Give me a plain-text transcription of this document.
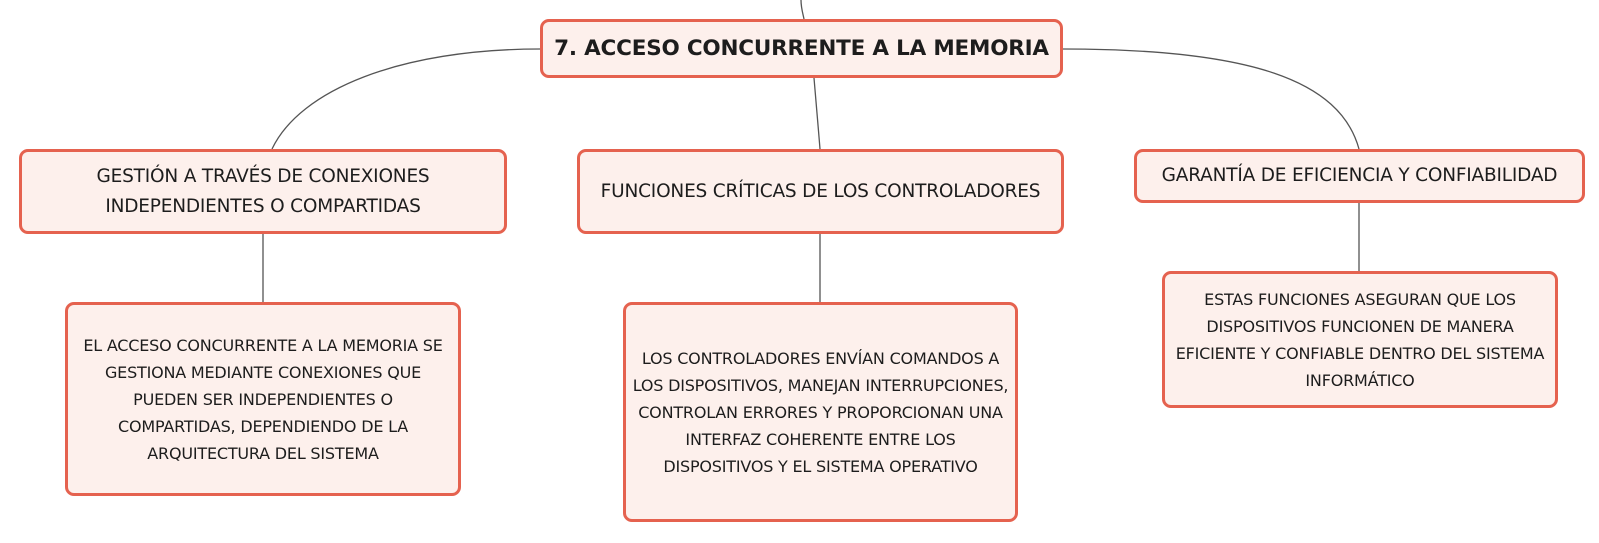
7. ACCESO CONCURRENTE A LA MEMORIA
GESTIÓN A TRAVÉS DE CONEXIONES INDEPENDIENTES O COMPARTIDAS
FUNCIONES CRÍTICAS DE LOS CONTROLADORES
GARANTÍA DE EFICIENCIA Y CONFIABILIDAD
EL ACCESO CONCURRENTE A LA MEMORIA SE GESTIONA MEDIANTE CONEXIONES QUE PUEDEN SER INDEPENDIENTES O COMPARTIDAS, DEPENDIENDO DE LA ARQUITECTURA DEL SISTEMA
LOS CONTROLADORES ENVÍAN COMANDOS A LOS DISPOSITIVOS, MANEJAN INTERRUPCIONES, CONTROLAN ERRORES Y PROPORCIONAN UNA INTERFAZ COHERENTE ENTRE LOS DISPOSITIVOS Y EL SISTEMA OPERATIVO
ESTAS FUNCIONES ASEGURAN QUE LOS DISPOSITIVOS FUNCIONEN DE MANERA EFICIENTE Y CONFIABLE DENTRO DEL SISTEMA INFORMÁTICO
